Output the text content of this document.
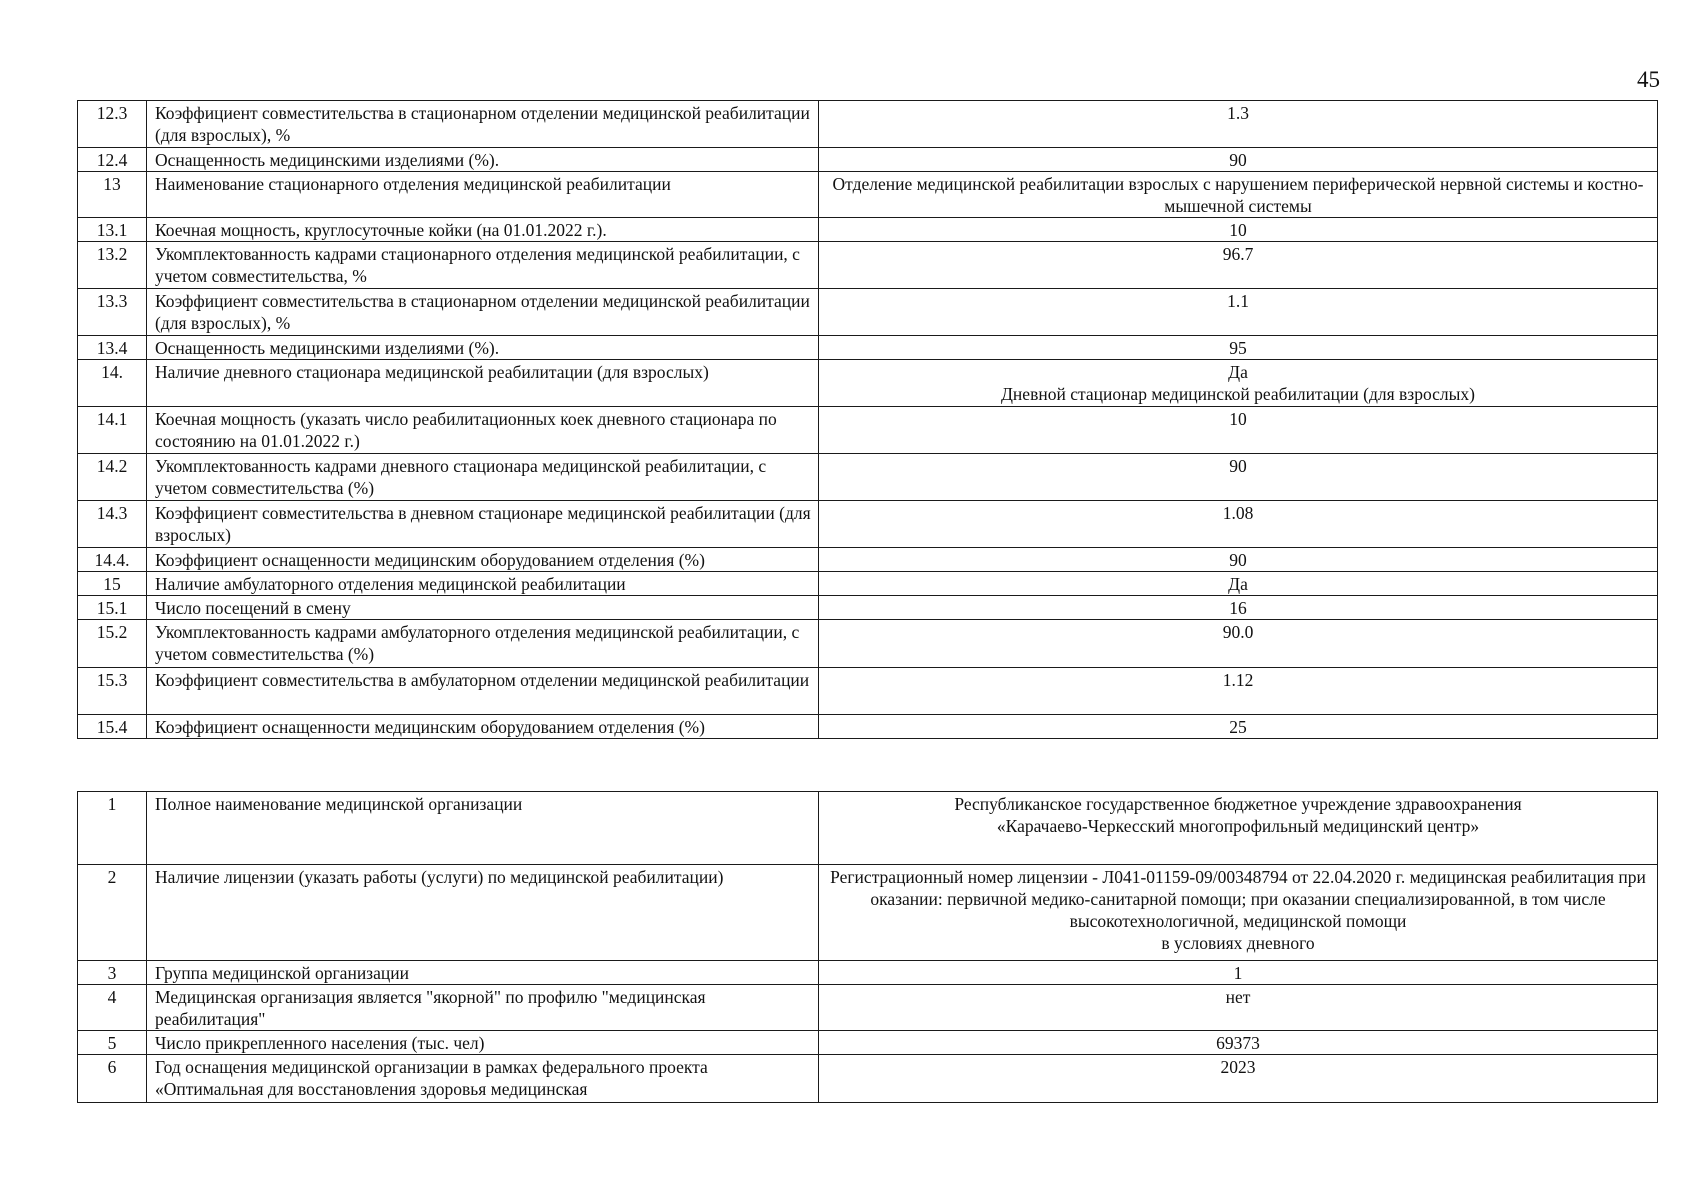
45
12.3	Коэффициент совместительства в стационарном отделении медицинской реабилитации (для взрослых), %	1.3
12.4	Оснащенность медицинскими изделиями (%).	90
13	Наименование стационарного отделения медицинской реабилитации	Отделение медицинской реабилитации взрослых с нарушением периферической нервной системы и костно-мышечной системы
13.1	Коечная мощность, круглосуточные койки (на 01.01.2022 г.).	10
13.2	Укомплектованность кадрами стационарного отделения медицинской реабилитации, с учетом совместительства, %	96.7
13.3	Коэффициент совместительства в стационарном отделении медицинской реабилитации (для взрослых), %	1.1
13.4	Оснащенность медицинскими изделиями (%).	95
14.	Наличие дневного стационара медицинской реабилитации (для взрослых)	Да
Дневной стационар медицинской реабилитации (для взрослых)
14.1	Коечная мощность (указать число реабилитационных коек дневного стационара по состоянию на 01.01.2022 г.)	10
14.2	Укомплектованность кадрами дневного стационара медицинской реабилитации, с учетом совместительства (%)	90
14.3	Коэффициент совместительства в дневном стационаре медицинской реабилитации (для взрослых)	1.08
14.4.	Коэффициент оснащенности медицинским оборудованием отделения (%)	90
15	Наличие амбулаторного отделения медицинской реабилитации	Да
15.1	Число посещений в смену	16
15.2	Укомплектованность кадрами амбулаторного отделения медицинской реабилитации, с учетом совместительства (%)	90.0
15.3	Коэффициент совместительства в амбулаторном отделении медицинской реабилитации	1.12
15.4	Коэффициент оснащенности медицинским оборудованием отделения (%)	25
1	Полное наименование медицинской организации	Республиканское государственное бюджетное учреждение здравоохранения
«Карачаево-Черкесский многопрофильный медицинский центр»
2	Наличие лицензии (указать работы (услуги) по медицинской реабилитации)	Регистрационный номер лицензии - Л041-01159-09/00348794 от 22.04.2020 г. медицинская реабилитация при оказании: первичной медико-санитарной помощи; при оказании специализированной, в том числе высокотехнологичной, медицинской помощи
в условиях дневного
3	Группа медицинской организации	1
4	Медицинская организация является "якорной" по профилю "медицинская реабилитация"	нет
5	Число прикрепленного населения (тыс. чел)	69373
6	Год оснащения медицинской организации в рамках федерального проекта «Оптимальная для восстановления здоровья медицинская	2023
